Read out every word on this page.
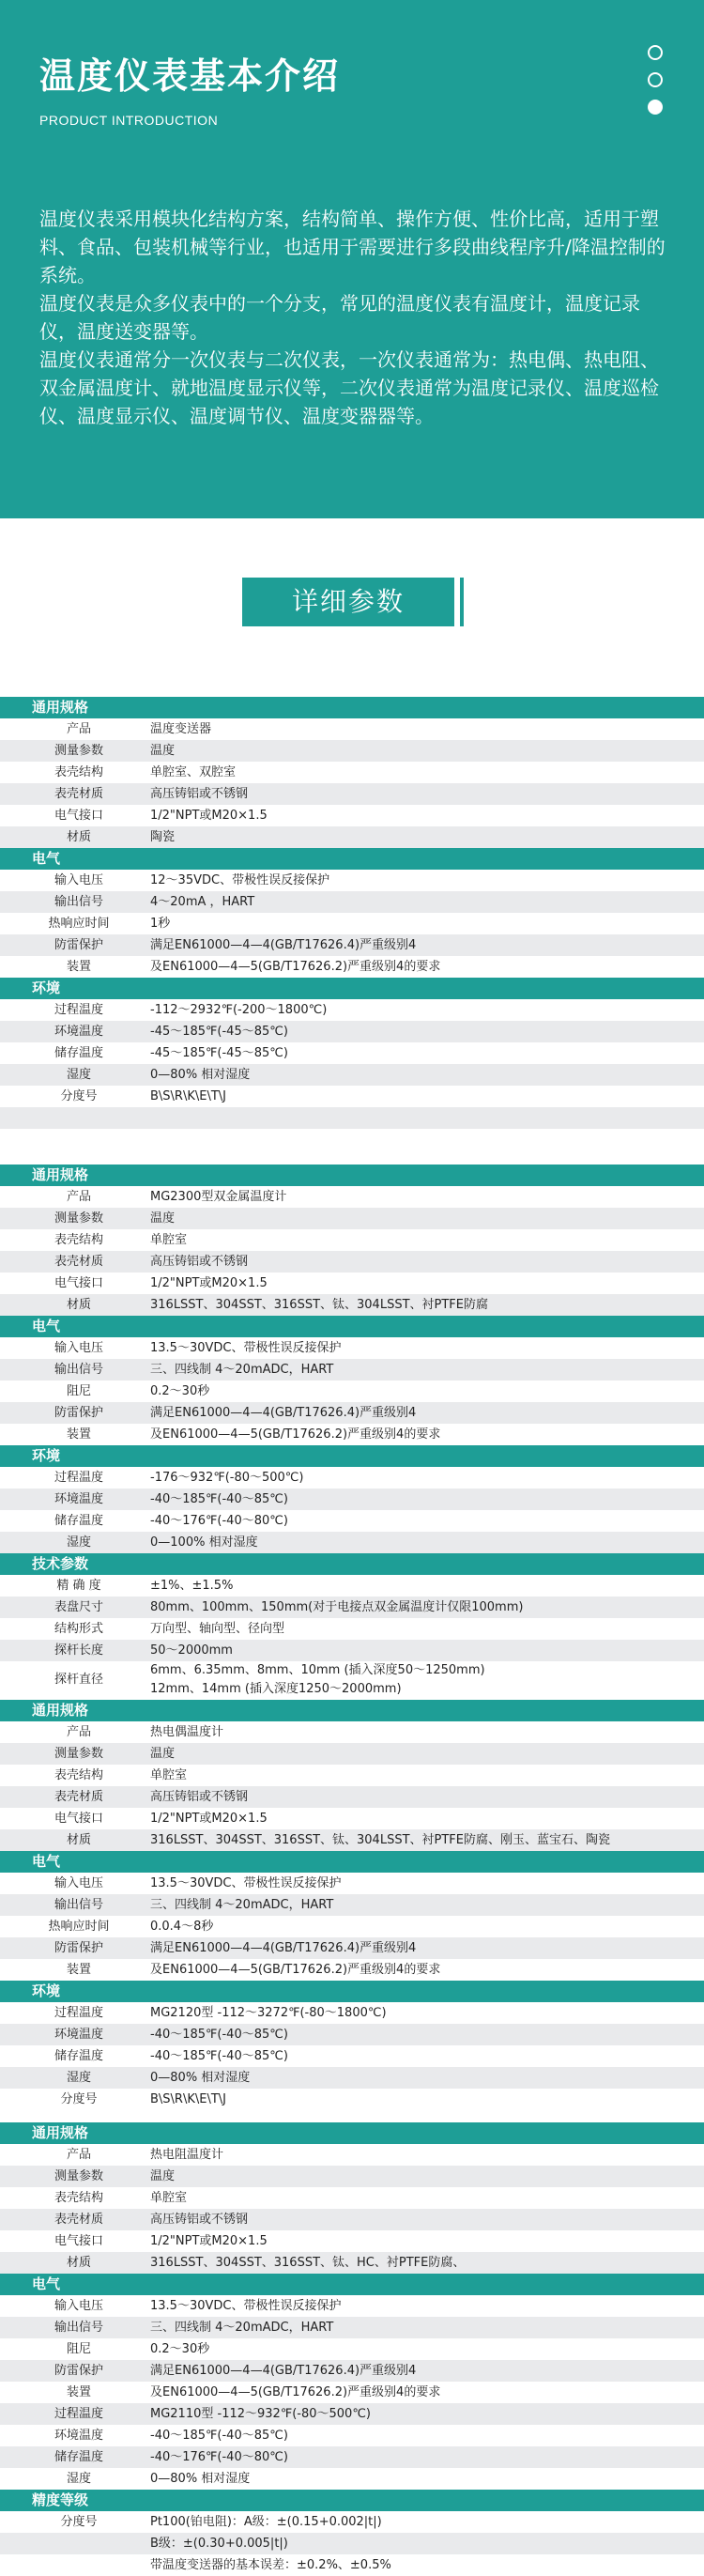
温度仪表基本介绍
PRODUCT INTRODUCTION

温度仪表采用模块化结构方案，结构简单、操作方便、性价比高，适用于塑料、食品、包装机械等行业，也适用于需要进行多段曲线程序升/降温控制的系统。

温度仪表是众多仪表中的一个分支，常见的温度仪表有温度计，温度记录仪，温度送变器等。

温度仪表通常分一次仪表与二次仪表，一次仪表通常为：热电偶、热电阻、双金属温度计、就地温度显示仪等，二次仪表通常为温度记录仪、温度巡检仪、温度显示仪、温度调节仪、温度变器器等。

详细参数
通用规格
产品	温度变送器
测量参数	温度
表壳结构	单腔室、双腔室
表壳材质	高压铸铝或不锈钢
电气接口	1/2"NPT或M20×1.5
材质	陶瓷
电气
输入电压	12～35VDC、带极性误反接保护
输出信号	4～20mA ，HART
热响应时间	1秒
防雷保护	满足EN61000—4—4(GB/T17626.4)严重级别4
装置	及EN61000—4—5(GB/T17626.2)严重级别4的要求
环境
过程温度	-112～2932℉(-200～1800℃)
环境温度	-45～185℉(-45～85℃)
储存温度	-45～185℉(-45～85℃)
湿度	0—80% 相对湿度
分度号	B\S\R\K\E\T\J
通用规格
产品	MG2300型双金属温度计
测量参数	温度
表壳结构	单腔室
表壳材质	高压铸铝或不锈钢
电气接口	1/2"NPT或M20×1.5
材质	316LSST、304SST、316SST、钛、304LSST、衬PTFE防腐
电气
输入电压	13.5～30VDC、带极性误反接保护
输出信号	三、四线制 4～20mADC，HART
阻尼	0.2～30秒
防雷保护	满足EN61000—4—4(GB/T17626.4)严重级别4
装置	及EN61000—4—5(GB/T17626.2)严重级别4的要求
环境
过程温度	-176～932℉(-80～500℃)
环境温度	-40～185℉(-40～85℃)
储存温度	-40～176℉(-40～80℃)
湿度	0—100% 相对湿度
技术参数
精 确 度	±1%、±1.5%
表盘尺寸	80mm、100mm、150mm(对于电接点双金属温度计仅限100mm)
结构形式	万向型、轴向型、径向型
探杆长度	50～2000mm
探杆直径
6mm、6.35mm、8mm、10mm (插入深度50～1250mm)
12mm、14mm (插入深度1250～2000mm)
通用规格
产品	热电偶温度计
测量参数	温度
表壳结构	单腔室
表壳材质	高压铸铝或不锈钢
电气接口	1/2"NPT或M20×1.5
材质	316LSST、304SST、316SST、钛、304LSST、衬PTFE防腐、刚玉、蓝宝石、陶瓷
电气
输入电压	13.5～30VDC、带极性误反接保护
输出信号	三、四线制 4～20mADC，HART
热响应时间	0.0.4～8秒
防雷保护	满足EN61000—4—4(GB/T17626.4)严重级别4
装置	及EN61000—4—5(GB/T17626.2)严重级别4的要求
环境
过程温度	MG2120型 -112～3272℉(-80～1800℃)
环境温度	-40～185℉(-40～85℃)
储存温度	-40～185℉(-40～85℃)
湿度	0—80% 相对湿度
分度号	B\S\R\K\E\T\J
通用规格
产品	热电阻温度计
测量参数	温度
表壳结构	单腔室
表壳材质	高压铸铝或不锈钢
电气接口	1/2"NPT或M20×1.5
材质	316LSST、304SST、316SST、钛、HC、衬PTFE防腐、
电气
输入电压	13.5～30VDC、带极性误反接保护
输出信号	三、四线制 4～20mADC，HART
阻尼	0.2～30秒
防雷保护	满足EN61000—4—4(GB/T17626.4)严重级别4
装置	及EN61000—4—5(GB/T17626.2)严重级别4的要求
过程温度	MG2110型 -112～932℉(-80～500℃)
环境温度	-40～185℉(-40～85℃)
储存温度	-40～176℉(-40～80℃)
湿度	0—80% 相对湿度
精度等级
分度号	Pt100(铂电阻)：A级：±(0.15+0.002|t|)
B级：±(0.30+0.005|t|)
带温度变送器的基本误差：±0.2%、±0.5%
